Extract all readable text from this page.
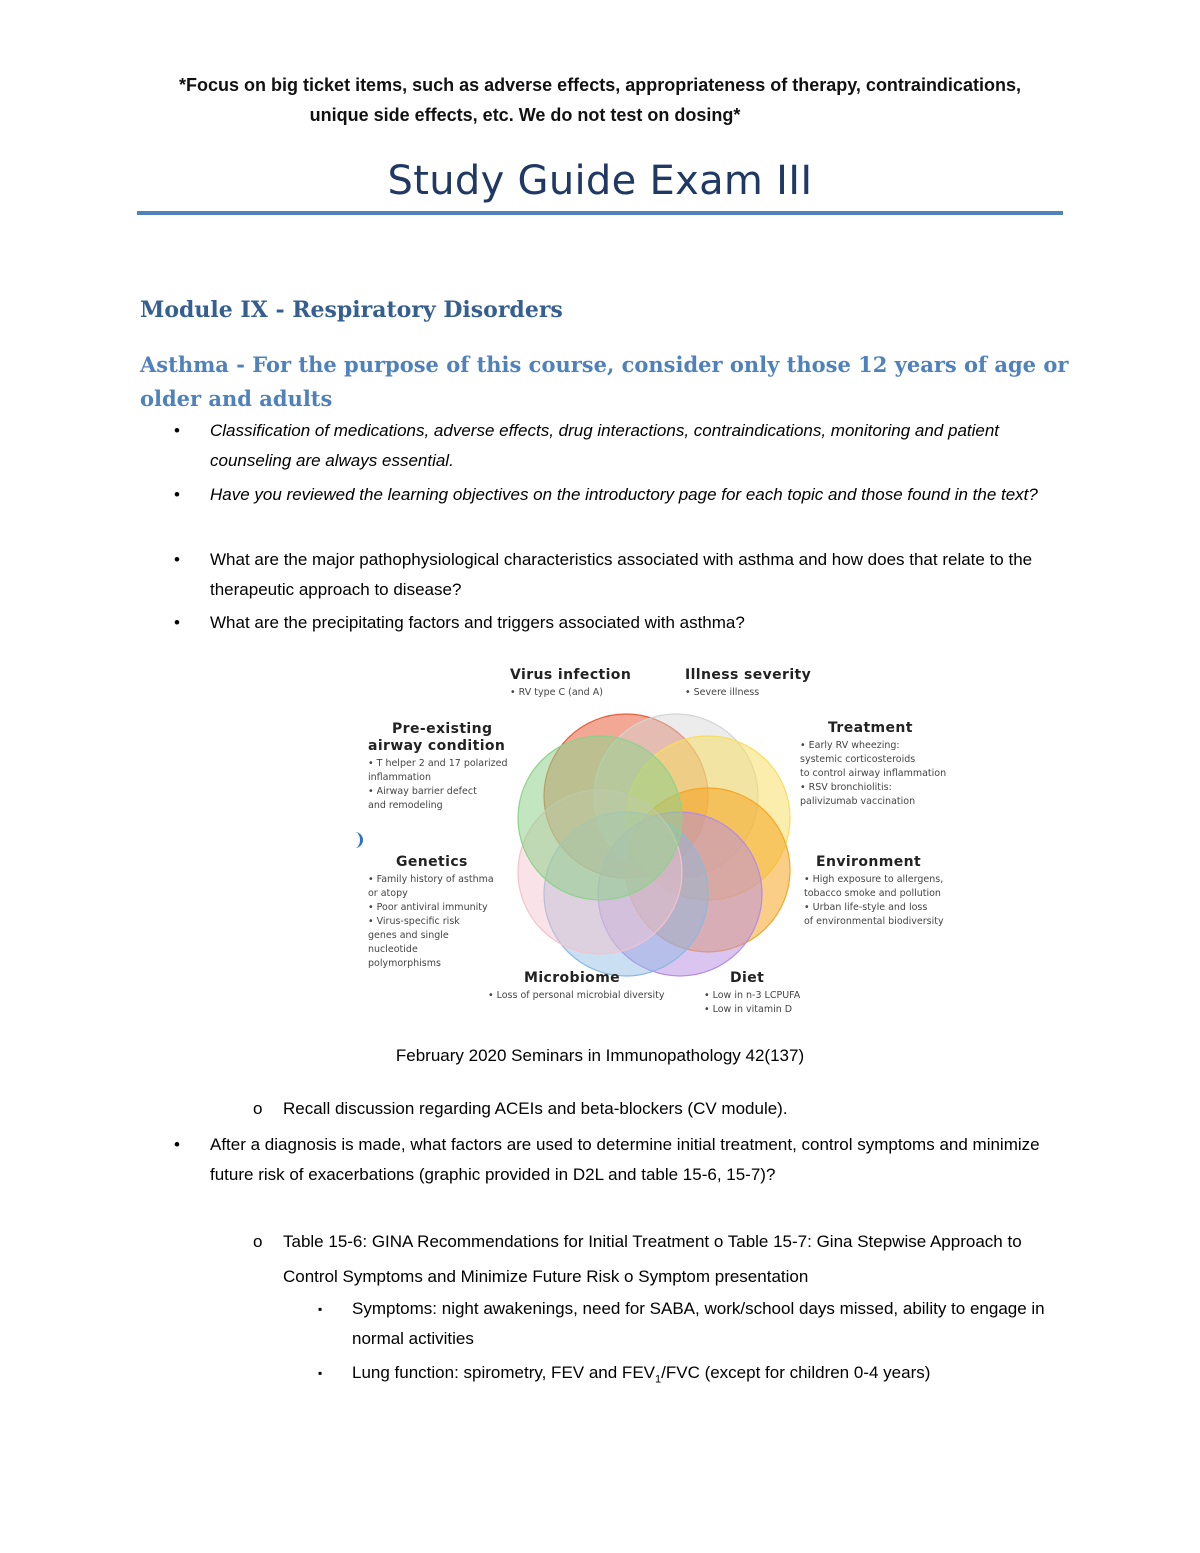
*Focus on big ticket items, such as adverse effects, appropriateness of therapy, contraindications,
unique side effects, etc. We do not test on dosing*
Study Guide Exam III
Module IX - Respiratory Disorders
Asthma - For the purpose of this course, consider only those 12 years of age or older and adults
• Classification of medications, adverse effects, drug interactions, contraindications, monitoring and patient counseling are always essential.
• Have you reviewed the learning objectives on the introductory page for each topic and those found in the text?
• What are the major pathophysiological characteristics associated with asthma and how does that relate to the therapeutic approach to disease?
• What are the precipitating factors and triggers associated with asthma?
Virus infection
• RV type C (and A)
Illness severity
• Severe illness
Treatment
• Early RV wheezing:
systemic corticosteroids
to control airway inflammation
• RSV bronchiolitis:
palivizumab vaccination
Pre-existing
airway condition
• T helper 2 and 17 polarized
inflammation
• Airway barrier defect
and remodeling
Genetics
• Family history of asthma
or atopy
• Poor antiviral immunity
• Virus-specific risk
genes and single
nucleotide
polymorphisms
Environment
• High exposure to allergens,
tobacco smoke and pollution
• Urban life-style and loss
of environmental biodiversity
Microbiome
• Loss of personal microbial diversity
Diet
• Low in n-3 LCPUFA
• Low in vitamin D
February 2020 Seminars in Immunopathology 42(137)
o Recall discussion regarding ACEIs and beta-blockers (CV module).
• After a diagnosis is made, what factors are used to determine initial treatment, control symptoms and minimize future risk of exacerbations (graphic provided in D2L and table 15-6, 15-7)?
o Table 15-6: GINA Recommendations for Initial Treatment o Table 15-7: Gina Stepwise Approach to Control Symptoms and Minimize Future Risk o Symptom presentation
▪ Symptoms: night awakenings, need for SABA, work/school days missed, ability to engage in normal activities
▪ Lung function: spirometry, FEV and $FEV_1$/FVC (except for children 0-4 years)
